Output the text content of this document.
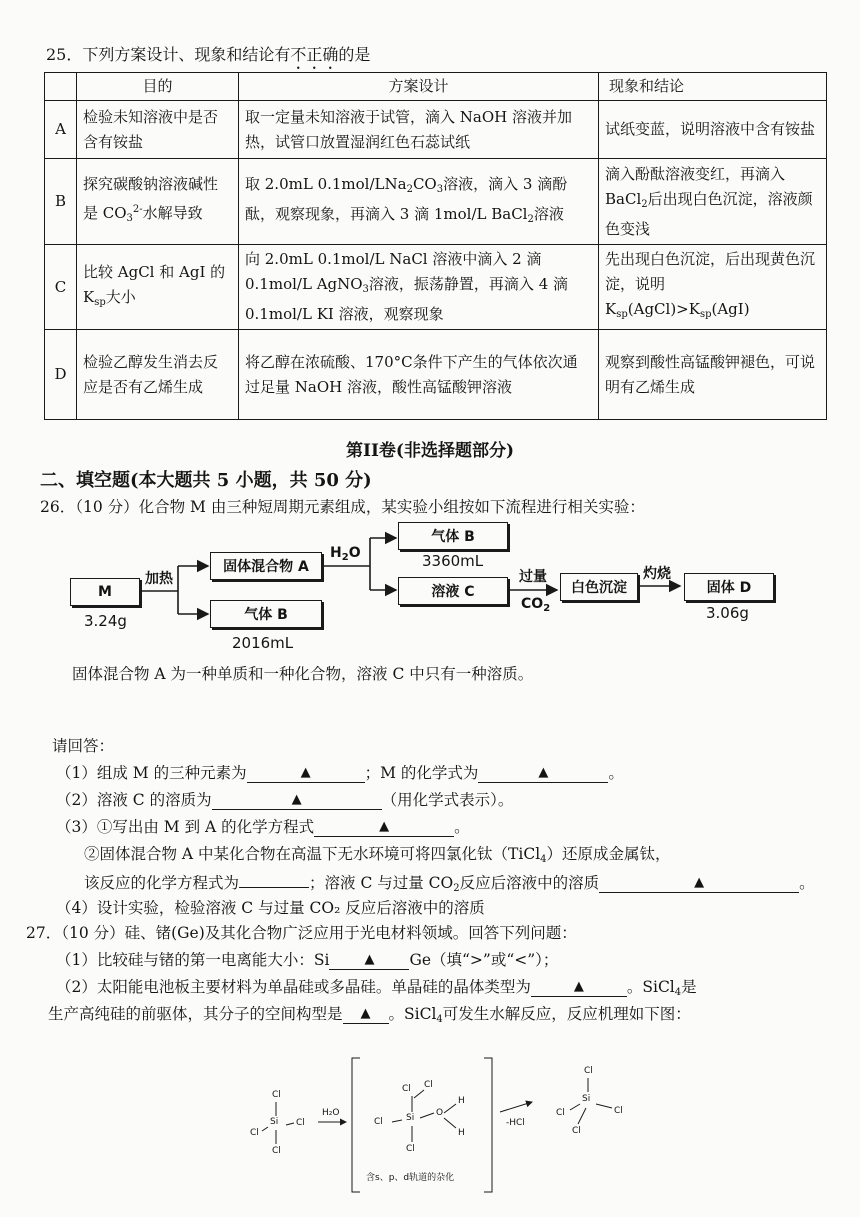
25．下列方案设计、现象和结论有不正确的是
	目的	方案设计	现象和结论
A	检验未知溶液中是否含有铵盐	取一定量未知溶液于试管，滴入 NaOH 溶液并加热，试管口放置湿润红色石蕊试纸	试纸变蓝，说明溶液中含有铵盐
B	探究碳酸钠溶液碱性是 $CO_3^{2-}$水解导致	取 2.0mL $0.1mol/LNa_2CO_3$溶液，滴入 3 滴酚酞，观察现象，再滴入 3 滴 1mol/L BaCl$_2$溶液	滴入酚酞溶液变红，再滴入 BaCl$_2$后出现白色沉淀，溶液颜色变浅
C	比较 AgCl 和 AgI 的 $K_{sp}$大小	向 2.0mL 0.1mol/L NaCl 溶液中滴入 2 滴 0.1mol/L AgNO$_3$溶液，振荡静置，再滴入 4 滴 0.1mol/L KI 溶液，观察现象	先出现白色沉淀，后出现黄色沉淀，说明
$K_{sp}(AgCl)>K_{sp}(AgI)$
D	检验乙醇发生消去反应是否有乙烯生成	将乙醇在浓硫酸、170°C条件下产生的气体依次通过足量 NaOH 溶液，酸性高锰酸钾溶液	观察到酸性高锰酸钾褪色，可说明有乙烯生成
第II卷(非选择题部分)
二、填空题(本大题共 5 小题，共 50 分)
26．（10 分）化合物 M 由三种短周期元素组成，某实验小组按如下流程进行相关实验：
M
3.24g
加热
固体混合物 A
气体 B
2016mL
$H_2O$
气体 B
3360mL
溶液 C
过量
$CO_2$
白色沉淀
灼烧
固体 D
3.06g
固体混合物 A 为一种单质和一种化合物，溶液 C 中只有一种溶质。
请回答：
（1）组成 M 的三种元素为	▲	；M 的化学式为	▲	。
（2）溶液 C 的溶质为	▲	（用化学式表示）。
（3）①写出由 M 到 A 的化学方程式	▲	。
②固体混合物 A 中某化合物在高温下无水环境可将四氯化钛（TiCl$_4$）还原成金属钛，
该反应的化学方程式为	；溶液 C 与过量 $CO_2$反应后溶液中的溶质	▲	。
（4）设计实验，检验溶液 C 与过量 CO₂ 反应后溶液中的溶质
27．（10 分）硅、锗(Ge)及其化合物广泛应用于光电材料领域。回答下列问题：
（1）比较硅与锗的第一电离能大小：Si	▲ Ge（填“>”或“<”）；
（2）太阳能电池板主要材料为单晶硅或多晶硅。单晶硅的晶体类型为	▲	。SiCl$_4$是
生产高纯硅的前驱体，其分子的空间构型是 ▲ 。SiCl$_4$可发生水解反应，反应机理如下图：
Cl
Cl
Si Cl
Cl
H₂O
Cl Cl
Cl	Si O
H
H
Cl
含s、p、d轨道的杂化
-HCl
Cl
Si
Cl	Cl
Cl
